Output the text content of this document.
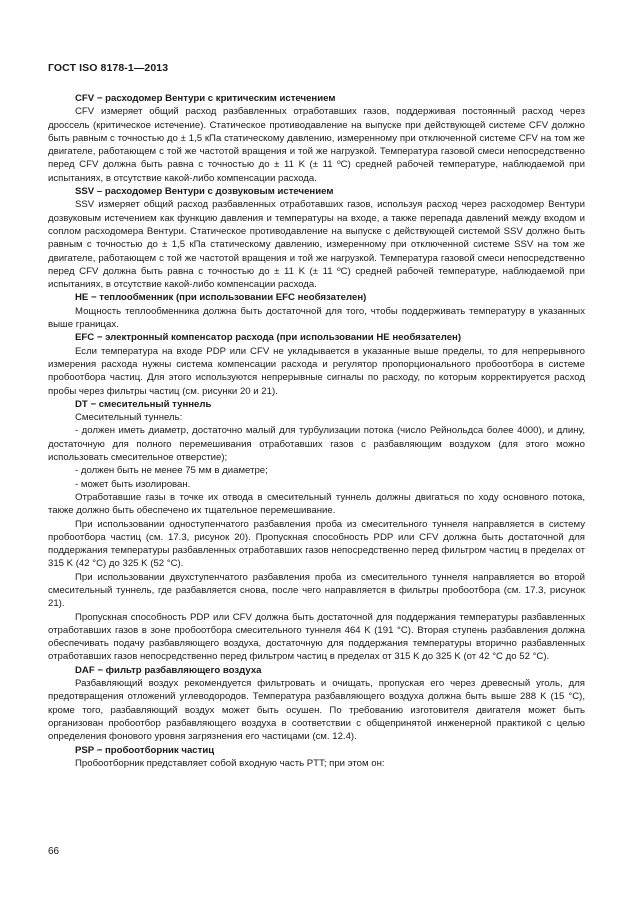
ГОСТ ISO 8178-1—2013

CFV − расходомер Вентури с критическим истечением

CFV измеряет общий расход разбавленных отработавших газов, поддерживая постоянный расход через дроссель (критическое истечение). Статическое противодавление на выпуске при действующей системе CFV должно быть равным с точностью до ± 1,5 кПа статическому давлению, измеренному при отключенной системе CFV на том же двигателе, работающем с той же частотой вращения и той же нагрузкой. Температура газовой смеси непосредственно перед CFV должна быть равна с точностью до ± 11 K (± 11 ºC) средней рабочей температуре, наблюдаемой при испытаниях, в отсутствие какой-либо компенсации расхода.

SSV – расходомер Вентури с дозвуковым истечением

SSV измеряет общий расход разбавленных отработавших газов, используя расход через расходомер Вентури дозвуковым истечением как функцию давления и температуры на входе, а также перепада давлений между входом и соплом расходомера Вентури. Статическое противодавление на выпуске с действующей системой SSV должно быть равным с точностью до ± 1,5 кПа статическому давлению, измеренному при отключенной системе SSV на том же двигателе, работающем с той же частотой вращения и той же нагрузкой. Температура газовой смеси непосредственно перед CFV должна быть равна с точностью до ± 11 K (± 11 ºC) средней рабочей температуре, наблюдаемой при испытаниях, в отсутствие какой-либо компенсации расхода.

НЕ − теплообменник (при использовании EFC необязателен)

Мощность теплообменника должна быть достаточной для того, чтобы поддерживать температуру в указанных выше границах.

EFC − электронный компенсатор расхода (при использовании НЕ необязателен)

Если температура на входе PDP или CFV не укладывается в указанные выше пределы, то для непрерывного измерения расхода нужны система компенсации расхода и регулятор пропорционального пробоотбора в системе пробоотбора частиц. Для этого используются непрерывные сигналы по расходу, по которым корректируется расход пробы через фильтры частиц (см. рисунки 20 и 21).

DT − смесительный туннель

Смесительный туннель:

- должен иметь диаметр, достаточно малый для турбулизации потока (число Рейнольдса более 4000), и длину, достаточную для полного перемешивания отработавших газов с разбавляющим воздухом (для этого можно использовать смесительное отверстие);

- должен быть не менее 75 мм в диаметре;

- может быть изолирован.

Отработавшие газы в точке их отвода в смесительный туннель должны двигаться по ходу основного потока, также должно быть обеспечено их тщательное перемешивание.

При использовании одноступенчатого разбавления проба из смесительного туннеля направляется в систему пробоотбора частиц (см. 17.3, рисунок 20). Пропускная способность PDP или CFV должна быть достаточной для поддержания температуры разбавленных отработавших газов непосредственно перед фильтром частиц в пределах от 315 K (42 °C) до 325 K (52 °C).

При использовании двухступенчатого разбавления проба из смесительного туннеля направляется во второй смесительный туннель, где разбавляется снова, после чего направляется в фильтры пробоотбора (см. 17.3, рисунок 21).

Пропускная способность PDP или CFV должна быть достаточной для поддержания температуры разбавленных отработавших газов в зоне пробоотбора смесительного туннеля 464 K (191 °C). Вторая ступень разбавления должна обеспечивать подачу разбавляющего воздуха, достаточную для поддержания температуры вторично разбавленных отработавших газов непосредственно перед фильтром частиц в пределах от 315 K до 325 K (от 42 °C до 52 °C).

DAF − фильтр разбавляющего воздуха

Разбавляющий воздух рекомендуется фильтровать и очищать, пропуская его через древесный уголь, для предотвращения отложений углеводородов. Температура разбавляющего воздуха должна быть выше 288 K (15 °C), кроме того, разбавляющий воздух может быть осушен. По требованию изготовителя двигателя может быть организован пробоотбор разбавляющего воздуха в соответствии с общепринятой инженерной практикой с целью определения фонового уровня загрязнения его частицами (см. 12.4).

PSP − пробоотборник частиц

Пробоотборник представляет собой входную часть PTT; при этом он:

66
